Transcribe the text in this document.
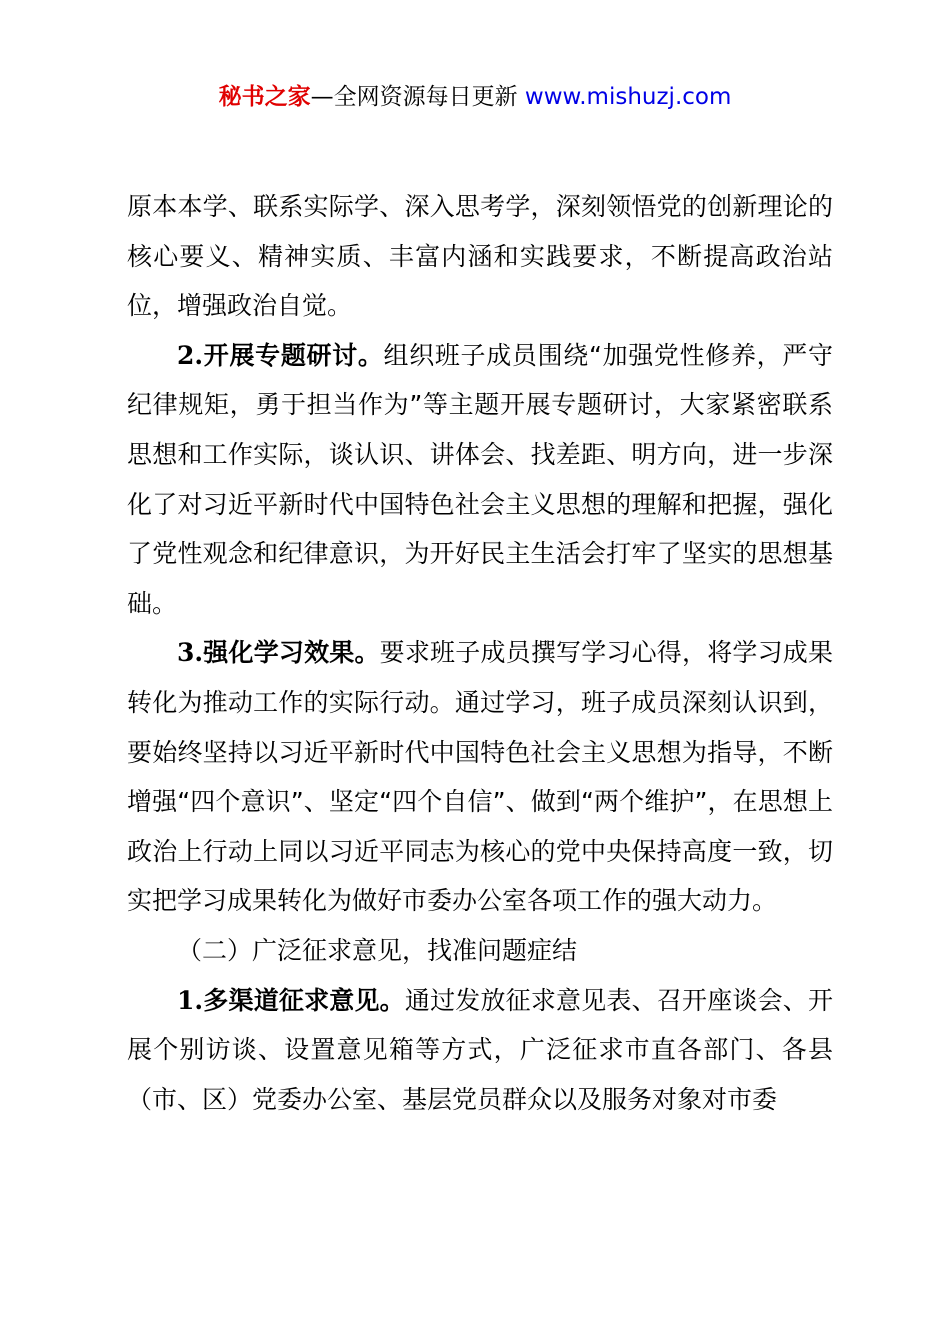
秘书之家—全网资源每日更新 www.mishuzj.com

原本本学、联系实际学、深入思考学，深刻领悟党的创新理论的核心要义、精神实质、丰富内涵和实践要求，不断提高政治站位，增强政治自觉。

2.开展专题研讨。组织班子成员围绕“加强党性修养，严守纪律规矩，勇于担当作为”等主题开展专题研讨，大家紧密联系思想和工作实际，谈认识、讲体会、找差距、明方向，进一步深化了对习近平新时代中国特色社会主义思想的理解和把握，强化了党性观念和纪律意识，为开好民主生活会打牢了坚实的思想基础。

3.强化学习效果。要求班子成员撰写学习心得，将学习成果转化为推动工作的实际行动。通过学习，班子成员深刻认识到，要始终坚持以习近平新时代中国特色社会主义思想为指导，不断增强“四个意识”、坚定“四个自信”、做到“两个维护”，在思想上政治上行动上同以习近平同志为核心的党中央保持高度一致，切实把学习成果转化为做好市委办公室各项工作的强大动力。

（二）广泛征求意见，找准问题症结

1.多渠道征求意见。通过发放征求意见表、召开座谈会、开展个别访谈、设置意见箱等方式，广泛征求市直各部门、各县（市、区）党委办公室、基层党员群众以及服务对象对市委
